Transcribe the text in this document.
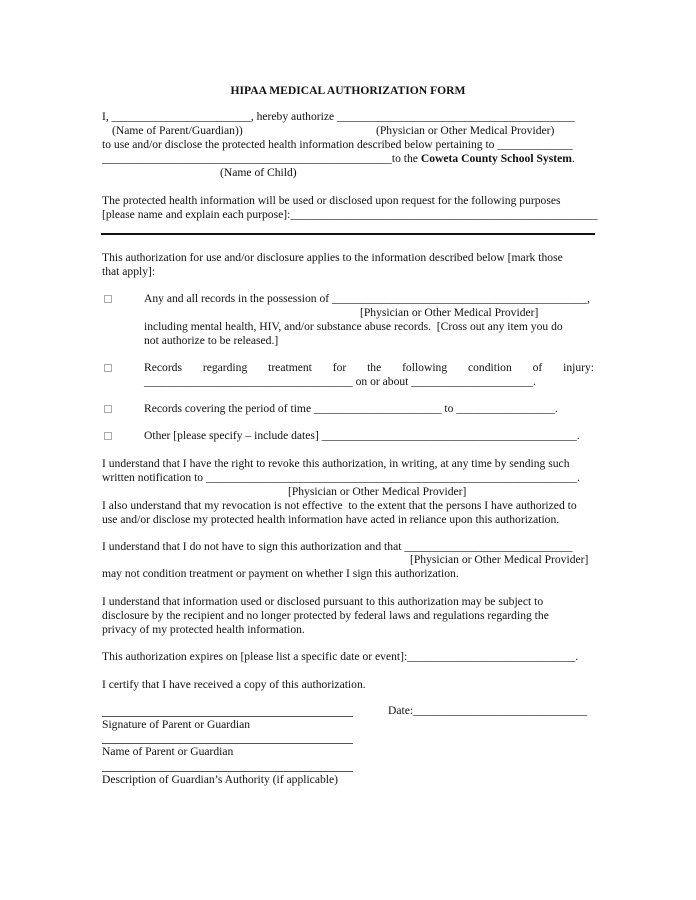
HIPAA MEDICAL AUTHORIZATION FORM
I, ________________________, hereby authorize _________________________________________
(Name of Parent/Guardian))	(Physician or Other Medical Provider)
to use and/or disclose the protected health information described below pertaining to _____________
__________________________________________________to the Coweta County School System.
(Name of Child)
The protected health information will be used or disclosed upon request for the following purposes
[please name and explain each purpose]:_____________________________________________________
This authorization for use and/or disclosure applies to the information described below [mark those
that apply]:
Any and all records in the possession of ____________________________________________,
[Physician or Other Medical Provider]
including mental health, HIV, and/or substance abuse records.  [Cross out any item you do
not authorize to be released.]
Records regarding treatment for the following condition of injury:
____________________________________ on or about _____________________.
Records covering the period of time ______________________ to _________________.
Other [please specify – include dates] ____________________________________________.
I understand that I have the right to revoke this authorization, in writing, at any time by sending such
written notification to ________________________________________________________________.
[Physician or Other Medical Provider]
I also understand that my revocation is not effective  to the extent that the persons I have authorized to
use and/or disclose my protected health information have acted in reliance upon this authorization.
I understand that I do not have to sign this authorization and that _____________________________
[Physician or Other Medical Provider]
may not condition treatment or payment on whether I sign this authorization.
I understand that information used or disclosed pursuant to this authorization may be subject to
disclosure by the recipient and no longer protected by federal laws and regulations regarding the
privacy of my protected health information.
This authorization expires on [please list a specific date or event]:_____________________________.
I certify that I have received a copy of this authorization.
Date:______________________________
Signature of Parent or Guardian
Name of Parent or Guardian
Description of Guardian’s Authority (if applicable)
